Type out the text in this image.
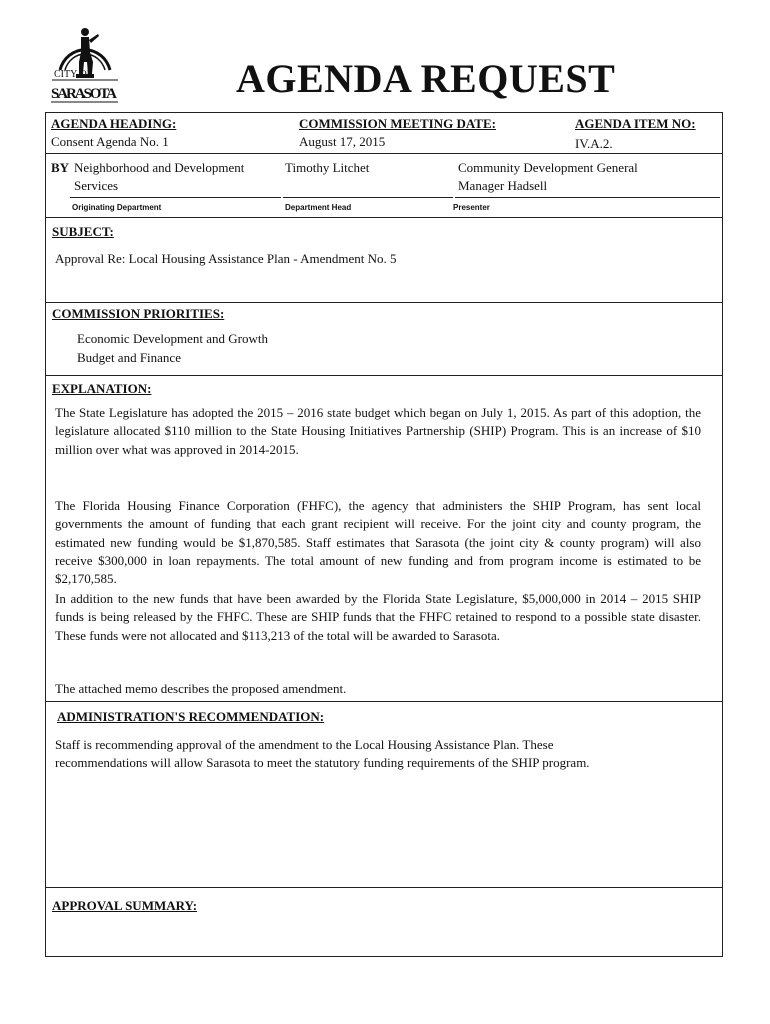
CITY OF
SARASOTA	AGENDA REQUEST
AGENDA HEADING:
Consent Agenda No. 1
COMMISSION MEETING DATE:
August 17, 2015
AGENDA ITEM NO:
IV.A.2.
BY Neighborhood and Development
Services
Timothy Litchet	Community Development General
Manager Hadsell
Originating Department	Department Head	Presenter
SUBJECT:
Approval Re: Local Housing Assistance Plan - Amendment No. 5
COMMISSION PRIORITIES:
Economic Development and Growth
Budget and Finance
EXPLANATION:
The State Legislature has adopted the 2015 – 2016 state budget which began on July 1, 2015. As part of this adoption, the legislature allocated $110 million to the State Housing Initiatives Partnership (SHIP) Program. This is an increase of $10 million over what was approved in 2014-2015.
The Florida Housing Finance Corporation (FHFC), the agency that administers the SHIP Program, has sent local governments the amount of funding that each grant recipient will receive. For the joint city and county program, the estimated new funding would be $1,870,585. Staff estimates that Sarasota (the joint city & county program) will also receive $300,000 in loan repayments. The total amount of new funding and from program income is estimated to be $2,170,585.
In addition to the new funds that have been awarded by the Florida State Legislature, $5,000,000 in 2014 – 2015 SHIP funds is being released by the FHFC. These are SHIP funds that the FHFC retained to respond to a possible state disaster. These funds were not allocated and $113,213 of the total will be awarded to Sarasota.
The attached memo describes the proposed amendment.
ADMINISTRATION'S RECOMMENDATION:
Staff is recommending approval of the amendment to the Local Housing Assistance Plan. These
recommendations will allow Sarasota to meet the statutory funding requirements of the SHIP program.
APPROVAL SUMMARY:
